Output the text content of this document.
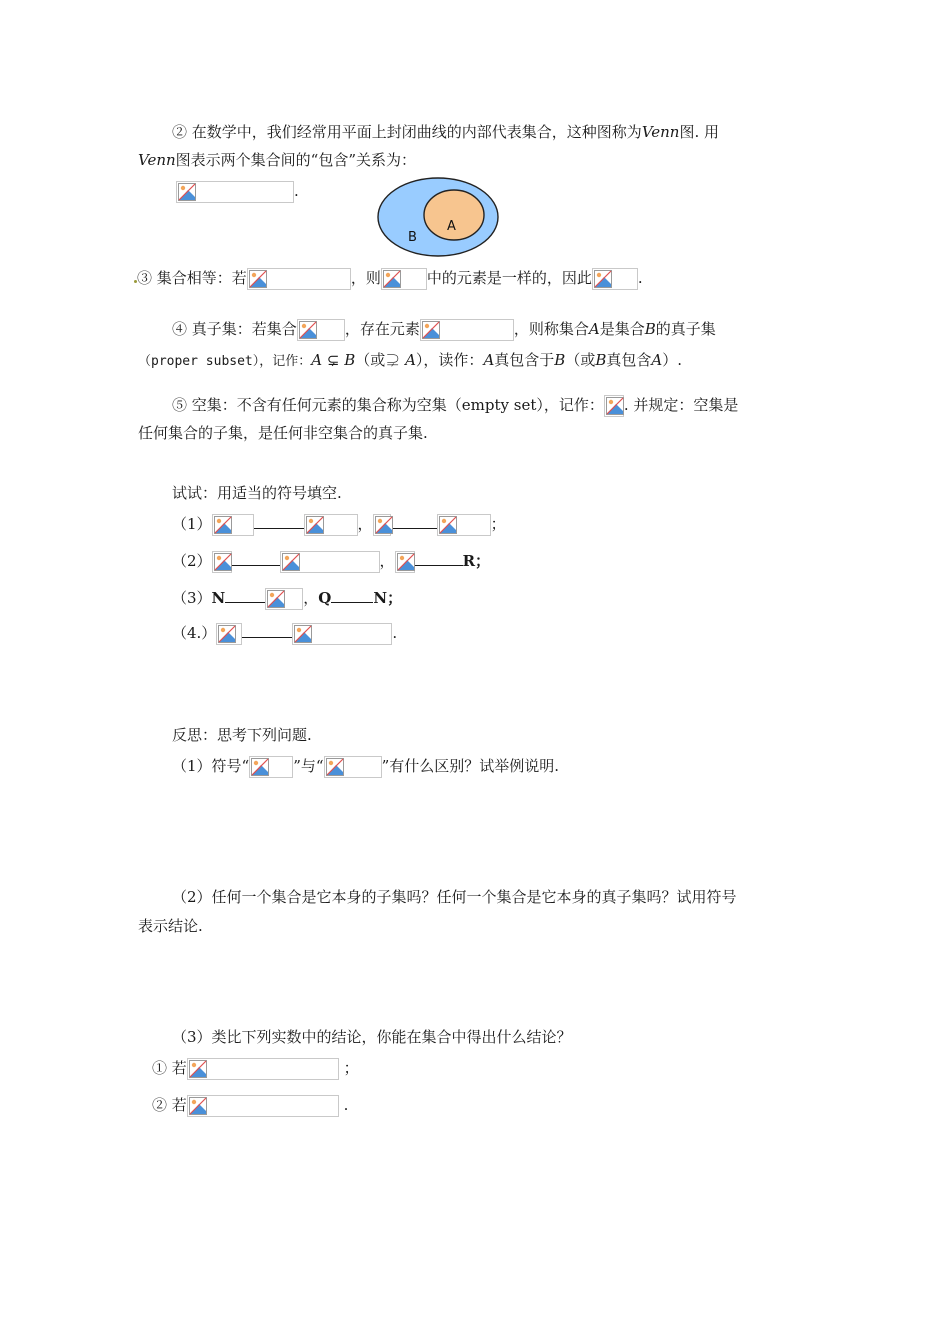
② 在数学中，我们经常用平面上封闭曲线的内部代表集合，这种图称为Venn图. 用
Venn图表示两个集合间的“包含”关系为：
.
A
B
③ 集合相等：若	，则	中的元素是一样的，因此	.
④ 真子集：若集合	，存在元素	，则称集合A是集合B的真子集
（proper subset），记作：A ⊊ B（或⊋ A），读作：A真包含于B（或B真包含A）.
⑤ 空集：不含有任何元素的集合称为空集（empty set），记作： . 并规定：空集是
任何集合的子集，是任何非空集合的真子集.
试试：用适当的符号填空.
（1）	，	；
（2）	，	R；
（3）N	，Q	N；
（4.）	.
反思：思考下列问题.
（1）符号“	”与“	”有什么区别？试举例说明.
（2）任何一个集合是它本身的子集吗？任何一个集合是它本身的真子集吗？试用符号
表示结论.
（3）类比下列实数中的结论，你能在集合中得出什么结论？
① 若	；
② 若	.
